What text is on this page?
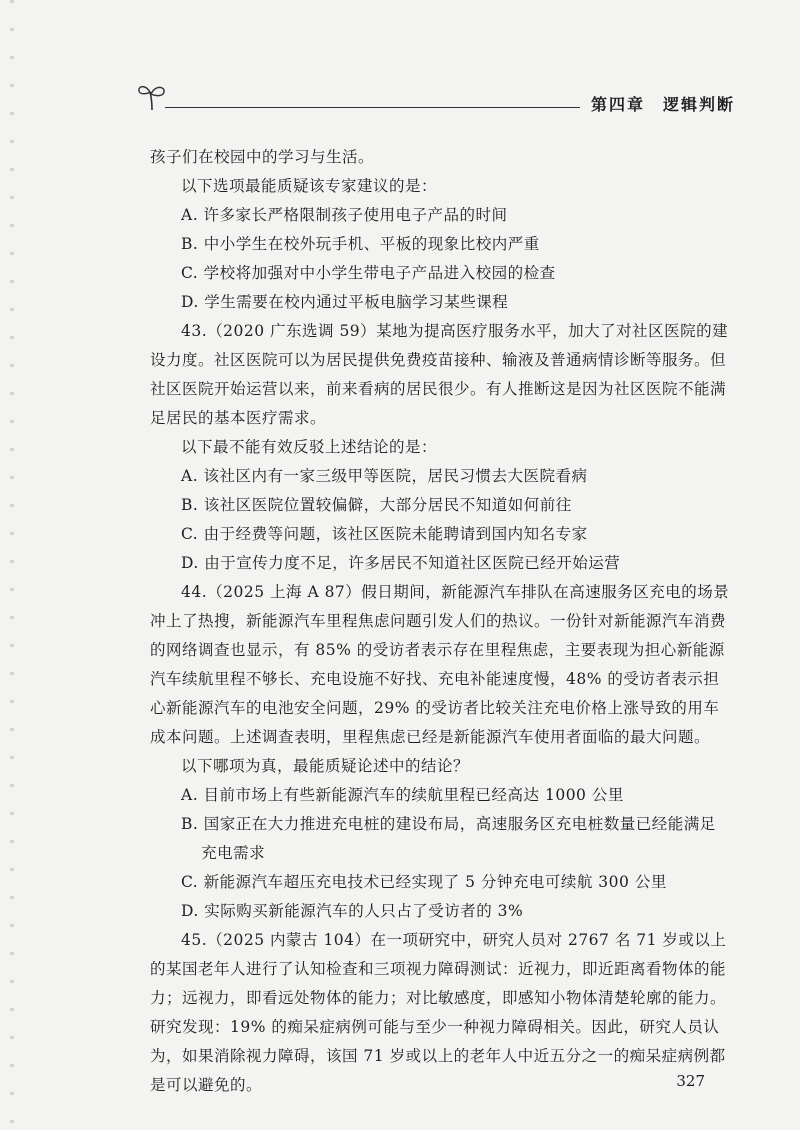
第四章　逻辑判断

孩子们在校园中的学习与生活。

以下选项最能质疑该专家建议的是：

A. 许多家长严格限制孩子使用电子产品的时间

B. 中小学生在校外玩手机、平板的现象比校内严重

C. 学校将加强对中小学生带电子产品进入校园的检查

D. 学生需要在校内通过平板电脑学习某些课程

43.（2020 广东选调 59）某地为提高医疗服务水平，加大了对社区医院的建设力度。社区医院可以为居民提供免费疫苗接种、输液及普通病情诊断等服务。但社区医院开始运营以来，前来看病的居民很少。有人推断这是因为社区医院不能满足居民的基本医疗需求。

以下最不能有效反驳上述结论的是：

A. 该社区内有一家三级甲等医院，居民习惯去大医院看病

B. 该社区医院位置较偏僻，大部分居民不知道如何前往

C. 由于经费等问题，该社区医院未能聘请到国内知名专家

D. 由于宣传力度不足，许多居民不知道社区医院已经开始运营

44.（2025 上海 A 87）假日期间，新能源汽车排队在高速服务区充电的场景冲上了热搜，新能源汽车里程焦虑问题引发人们的热议。一份针对新能源汽车消费的网络调查也显示，有 85% 的受访者表示存在里程焦虑，主要表现为担心新能源汽车续航里程不够长、充电设施不好找、充电补能速度慢，48% 的受访者表示担心新能源汽车的电池安全问题，29% 的受访者比较关注充电价格上涨导致的用车成本问题。上述调查表明，里程焦虑已经是新能源汽车使用者面临的最大问题。

以下哪项为真，最能质疑论述中的结论？

A. 目前市场上有些新能源汽车的续航里程已经高达 1000 公里

B. 国家正在大力推进充电桩的建设布局，高速服务区充电桩数量已经能满足充电需求

C. 新能源汽车超压充电技术已经实现了 5 分钟充电可续航 300 公里

D. 实际购买新能源汽车的人只占了受访者的 3%

45.（2025 内蒙古 104）在一项研究中，研究人员对 2767 名 71 岁或以上的某国老年人进行了认知检查和三项视力障碍测试：近视力，即近距离看物体的能力；远视力，即看远处物体的能力；对比敏感度，即感知小物体清楚轮廓的能力。研究发现：19% 的痴呆症病例可能与至少一种视力障碍相关。因此，研究人员认为，如果消除视力障碍，该国 71 岁或以上的老年人中近五分之一的痴呆症病例都是可以避免的。	327
